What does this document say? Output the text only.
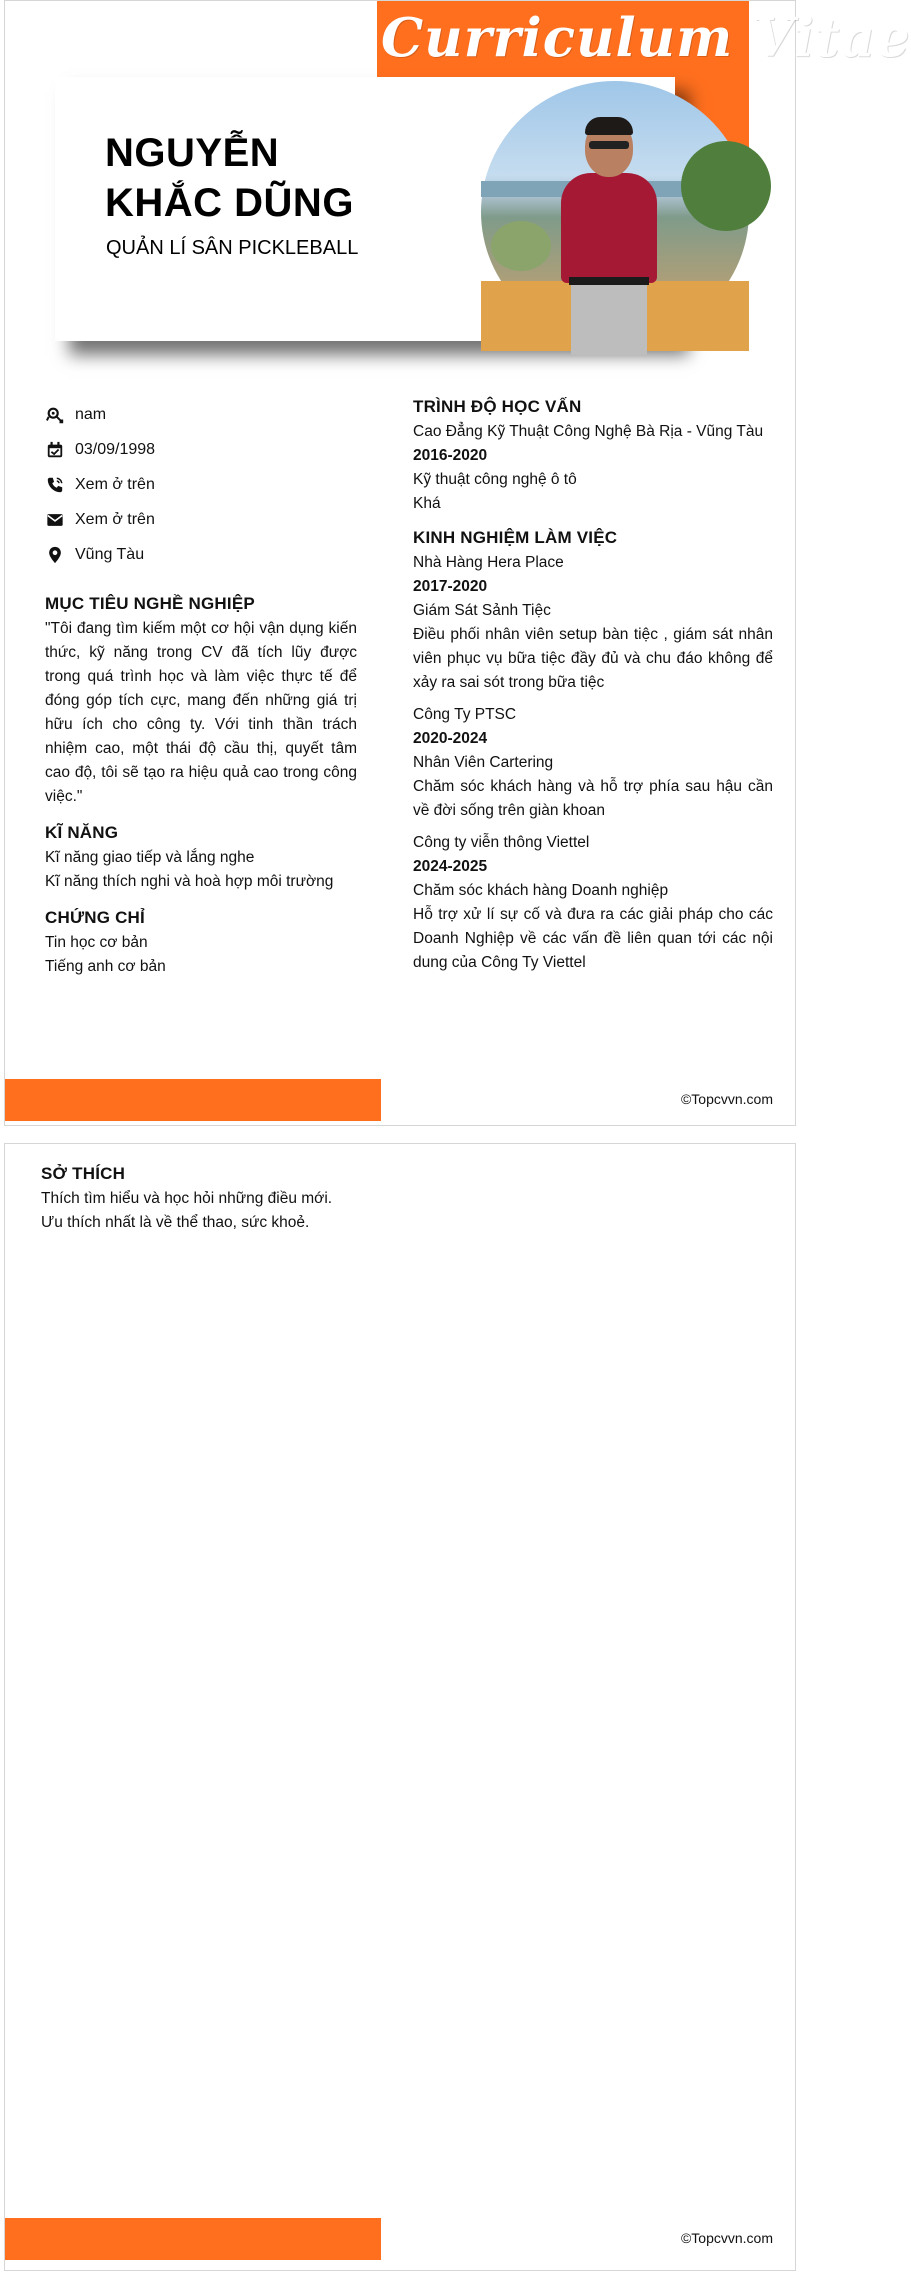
Curriculum Vitae
NGUYỄN
KHẮC DŨNG
QUẢN LÍ SÂN PICKLEBALL
nam
03/09/1998
Xem ở trên
Xem ở trên
Vũng Tàu
MỤC TIÊU NGHỀ NGHIỆP
"Tôi đang tìm kiếm một cơ hội vận dụng kiến thức, kỹ năng trong CV đã tích lũy được trong quá trình học và làm việc thực tế để đóng góp tích cực, mang đến những giá trị hữu ích cho công ty. Với tinh thần trách nhiệm cao, một thái độ cầu thị, quyết tâm cao độ, tôi sẽ tạo ra hiệu quả cao trong công việc."
KĨ NĂNG
Kĩ năng giao tiếp và lắng nghe
Kĩ năng thích nghi và hoà hợp môi trường
CHỨNG CHỈ
Tin học cơ bản
Tiếng anh cơ bản
TRÌNH ĐỘ HỌC VẤN
Cao Đẳng Kỹ Thuật Công Nghệ Bà Rịa - Vũng Tàu
2016-2020
Kỹ thuật công nghệ ô tô
Khá
KINH NGHIỆM LÀM VIỆC
Nhà Hàng Hera Place
2017-2020
Giám Sát Sảnh Tiệc
Điều phối nhân viên setup bàn tiệc , giám sát nhân viên phục vụ bữa tiệc đầy đủ và chu đáo không để xảy ra sai sót trong bữa tiệc
Công Ty PTSC
2020-2024
Nhân Viên Cartering
Chăm sóc khách hàng và hỗ trợ phía sau hậu cần về đời sống trên giàn khoan
Công ty viễn thông Viettel
2024-2025
Chăm sóc khách hàng Doanh nghiệp
Hỗ trợ xử lí sự cố và đưa ra các giải pháp cho các Doanh Nghiệp về các vấn đề liên quan tới các nội dung của Công Ty Viettel
©Topcvvn.com
SỞ THÍCH
Thích tìm hiểu và học hỏi những điều mới.
Ưu thích nhất là về thể thao, sức khoẻ.
©Topcvvn.com
